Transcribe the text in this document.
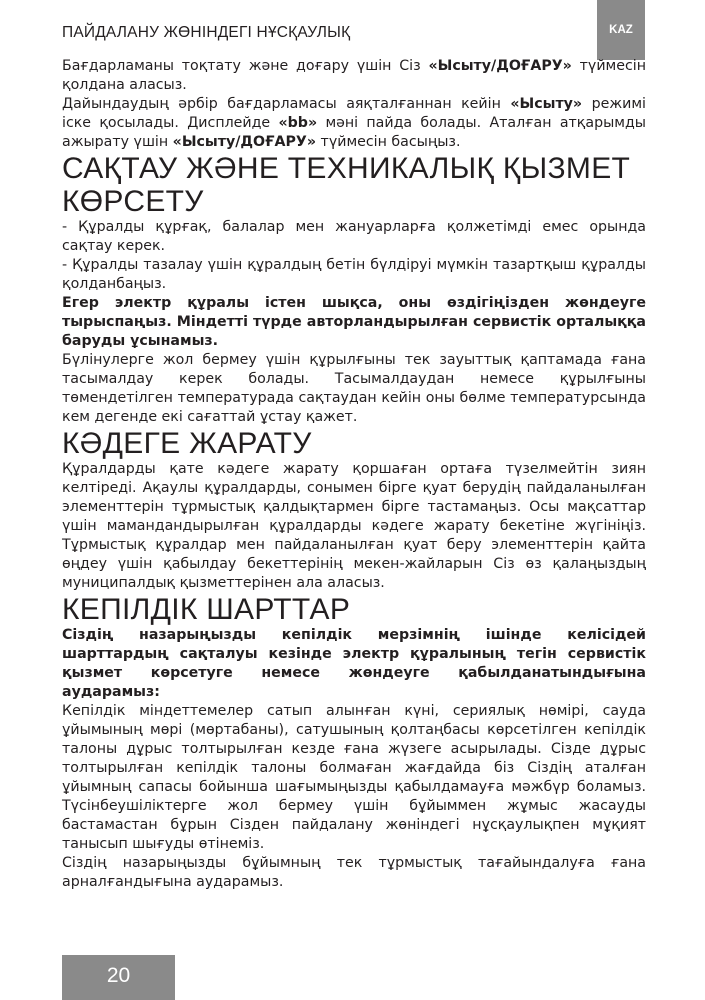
ПАЙДАЛАНУ ЖӨНІНДЕГІ НҰСҚАУЛЫҚ	KAZ

Бағдарламаны тоқтату және доғару үшін Сіз «Ысыту/ДОҒАРУ» түймесін қолдана аласыз.

Дайындаудың әрбір бағдарламасы аяқталғаннан кейін «Ысыту» режимі іске қосылады. Дисплейде «bb» мәні пайда болады. Аталған атқарымды ажырату үшін «Ысыту/ДОҒАРУ» түймесін басыңыз.

САҚТАУ ЖӘНЕ ТЕХНИКАЛЫҚ ҚЫЗМЕТ КӨРСЕТУ

- Құралды құрғақ, балалар мен жануарларға қолжетімді емес орында сақтау керек.

- Құралды тазалау үшін құралдың бетін бүлдіруі мүмкін тазартқыш құралды қолданбаңыз.

Егер электр құралы істен шықса, оны өздігіңізден жөндеуге тырыспаңыз. Міндетті түрде авторландырылған сервистік орталыққа баруды ұсынамыз.

Бүлінулерге жол бермеу үшін құрылғыны тек зауыттық қаптамада ғана тасымалдау керек болады. Тасымалдаудан немесе құрылғыны төмендетілген температурада сақтаудан кейін оны бөлме температурсында кем дегенде екі сағаттай ұстау қажет.

КӘДЕГЕ ЖАРАТУ

Құралдарды қате кәдеге жарату қоршаған ортаға түзелмейтін зиян келтіреді. Ақаулы құралдарды, сонымен бірге қуат берудің пайдаланылған элементтерін тұрмыстық қалдықтармен бірге тастамаңыз. Осы мақсаттар үшін мамандандырылған құралдарды кәдеге жарату бекетіне жүгініңіз. Тұрмыстық құралдар мен пайдаланылған қуат беру элементтерін қайта өңдеу үшін қабылдау бекеттерінің мекен-жайларын Сіз өз қалаңыздың муниципалдық қызметтерінен ала аласыз.

КЕПІЛДІК ШАРТТАР

Сіздің назарыңызды кепілдік мерзімнің ішінде келісідей шарттардың сақталуы кезінде электр құралының тегін сервистік қызмет көрсетуге немесе жөндеуге қабылданатындығына аударамыз:

Кепілдік міндеттемелер сатып алынған күні, сериялық нөмірі, сауда ұйымының мөрі (мөртабаны), сатушының қолтаңбасы көрсетілген кепілдік талоны дұрыс толтырылған кезде ғана жүзеге асырылады. Сізде дұрыс толтырылған кепілдік талоны болмаған жағдайда біз Сіздің аталған ұйымның сапасы бойынша шағымыңызды қабылдамауға мәжбүр боламыз. Түсінбеушіліктерге жол бермеу үшін бұйыммен жұмыс жасауды бастамастан бұрын Сізден пайдалану жөніндегі нұсқаулықпен мұқият танысып шығуды өтінеміз.

Сіздің назарыңызды бұйымның тек тұрмыстық тағайындалуға ғана арналғандығына аударамыз.

20
